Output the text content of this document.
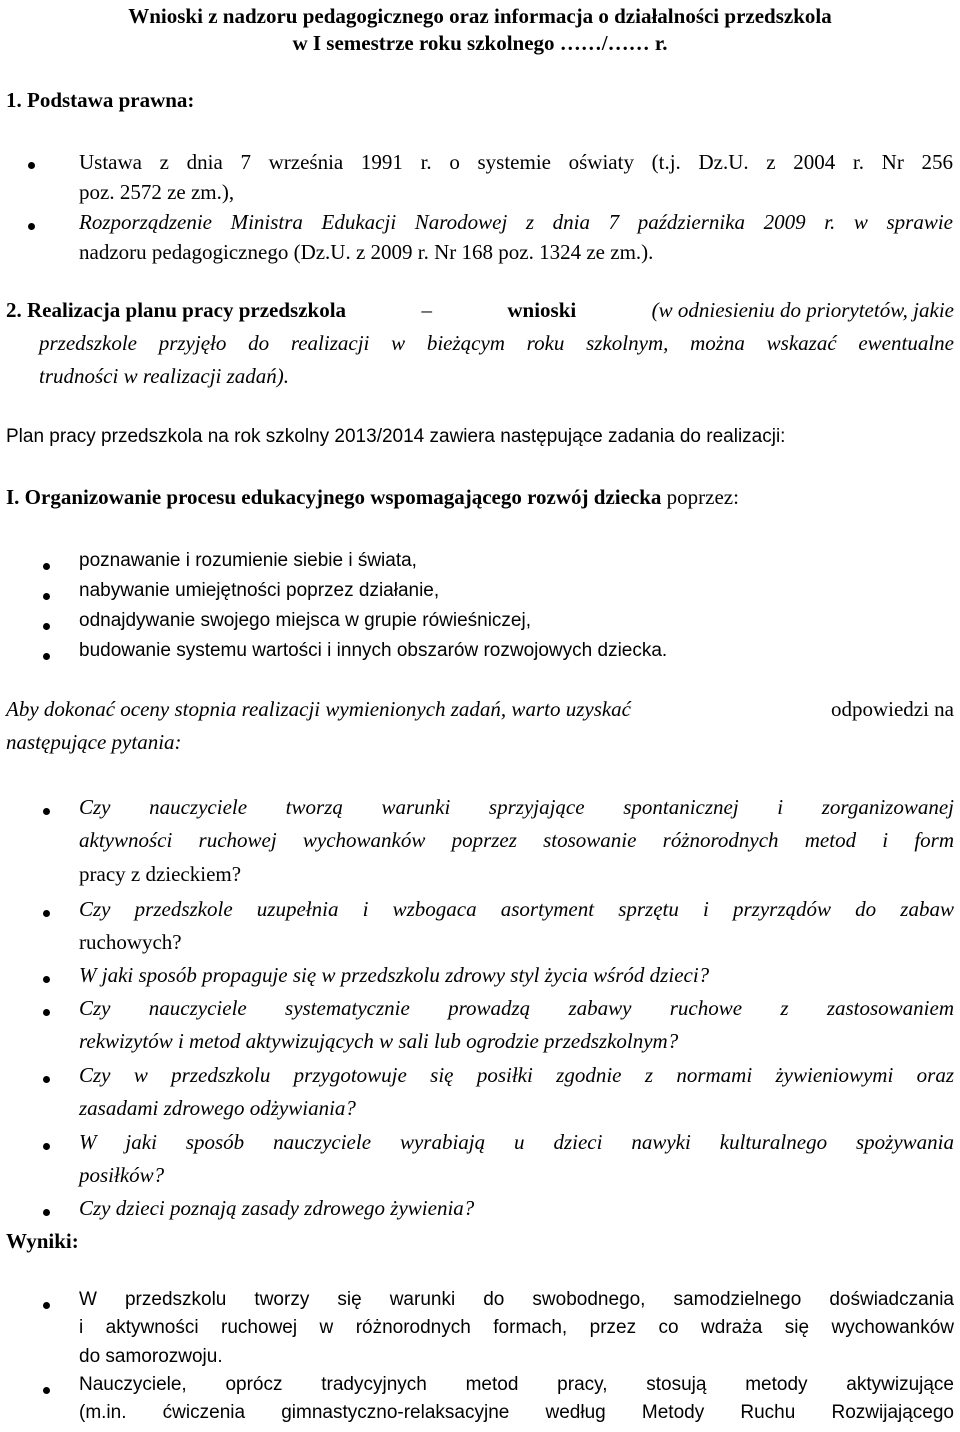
Wnioski z nadzoru pedagogicznego oraz informacja o działalności przedszkola
w I semestrze roku szkolnego ……/…… r.
1. Podstawa prawna:
Ustawa z dnia 7 września 1991 r. o systemie oświaty (t.j. Dz.U. z 2004 r. Nr 256
poz. 2572 ze zm.),
Rozporządzenie Ministra Edukacji Narodowej z dnia 7 października 2009 r. w sprawie
nadzoru pedagogicznego (Dz.U. z 2009 r. Nr 168 poz. 1324 ze zm.).
2. Realizacja planu pracy przedszkola	–	wnioski	(w odniesieniu do priorytetów, jakie
przedszkole przyjęło do realizacji w bieżącym roku szkolnym, można wskazać ewentualne
trudności w realizacji zadań).
Plan pracy przedszkola na rok szkolny 2013/2014 zawiera następujące zadania do realizacji:
I. Organizowanie procesu edukacyjnego wspomagającego rozwój dziecka poprzez:
poznawanie i rozumienie siebie i świata,
nabywanie umiejętności poprzez działanie,
odnajdywanie swojego miejsca w grupie rówieśniczej,
budowanie systemu wartości i innych obszarów rozwojowych dziecka.
Aby dokonać oceny stopnia realizacji wymienionych zadań, warto uzyskać	odpowiedzi na
następujące pytania:
Czy nauczyciele tworzą warunki sprzyjające spontanicznej i zorganizowanej
aktywności ruchowej wychowanków poprzez stosowanie różnorodnych metod i form
pracy z dzieckiem?
Czy przedszkole uzupełnia i wzbogaca asortyment sprzętu i przyrządów do zabaw
ruchowych?
W jaki sposób propaguje się w przedszkolu zdrowy styl życia wśród dzieci?
Czy nauczyciele systematycznie prowadzą zabawy ruchowe z zastosowaniem
rekwizytów i metod aktywizujących w sali lub ogrodzie przedszkolnym?
Czy w przedszkolu przygotowuje się posiłki zgodnie z normami żywieniowymi oraz
zasadami zdrowego odżywiania?
W jaki sposób nauczyciele wyrabiają u dzieci nawyki kulturalnego spożywania
posiłków?
Czy dzieci poznają zasady zdrowego żywienia?
Wyniki:
W przedszkolu tworzy się warunki do swobodnego, samodzielnego doświadczania
i aktywności ruchowej w różnorodnych formach, przez co wdraża się wychowanków
do samorozwoju.
Nauczyciele, oprócz tradycyjnych metod pracy, stosują metody aktywizujące
(m.in. ćwiczenia gimnastyczno-relaksacyjne według Metody Ruchu Rozwijającego
